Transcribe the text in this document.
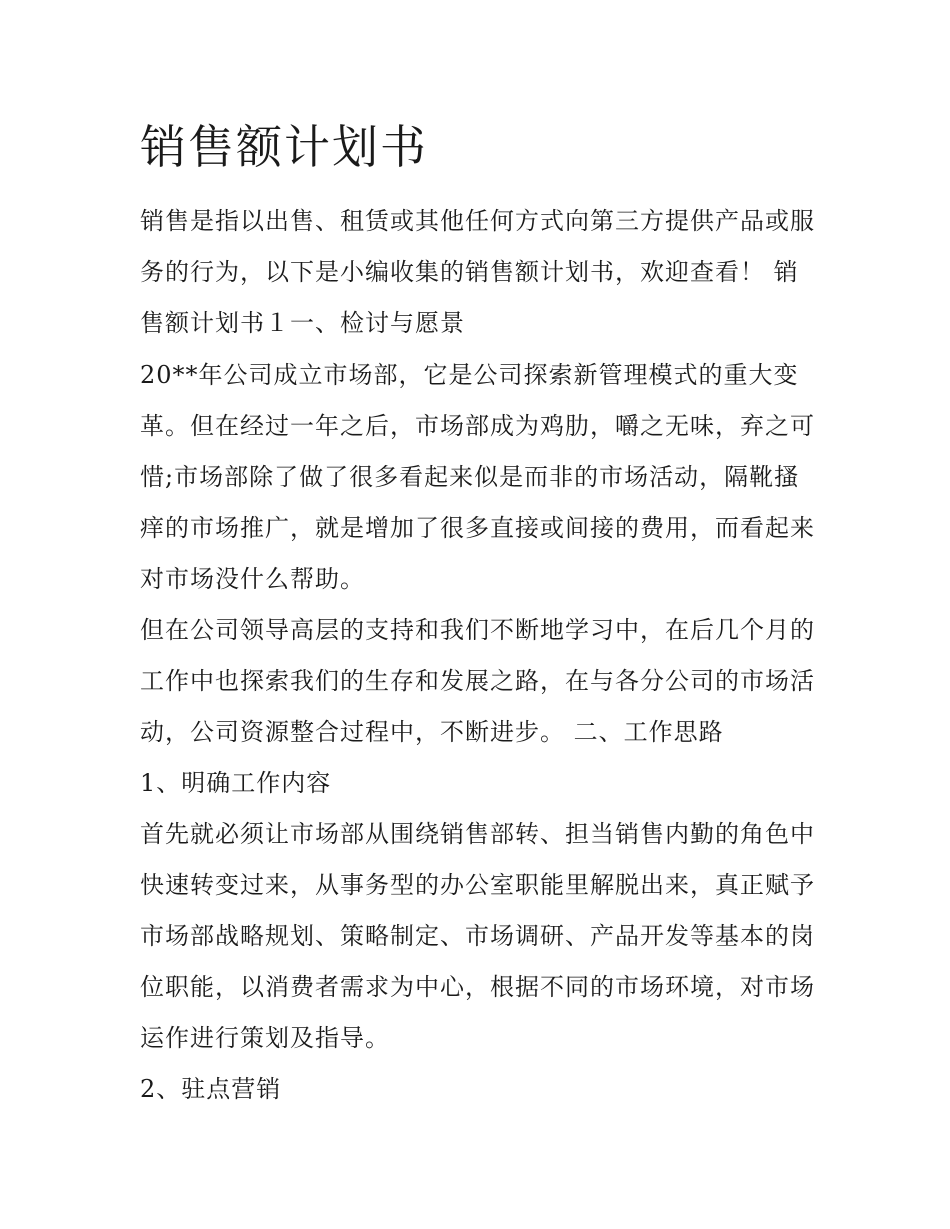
销售额计划书
销售是指以出售、租赁或其他任何方式向第三方提供产品或服
务的行为，以下是小编收集的销售额计划书，欢迎查看！ 销
售额计划书１一、检讨与愿景
20**年公司成立市场部，它是公司探索新管理模式的重大变
革。但在经过一年之后，市场部成为鸡肋，嚼之无味，弃之可
惜;市场部除了做了很多看起来似是而非的市场活动，隔靴搔
痒的市场推广，就是增加了很多直接或间接的费用，而看起来
对市场没什么帮助。
但在公司领导高层的支持和我们不断地学习中，在后几个月的
工作中也探索我们的生存和发展之路，在与各分公司的市场活
动，公司资源整合过程中，不断进步。 二、工作思路
1、明确工作内容
首先就必须让市场部从围绕销售部转、担当销售内勤的角色中
快速转变过来，从事务型的办公室职能里解脱出来，真正赋予
市场部战略规划、策略制定、市场调研、产品开发等基本的岗
位职能，以消费者需求为中心，根据不同的市场环境，对市场
运作进行策划及指导。
2、驻点营销
